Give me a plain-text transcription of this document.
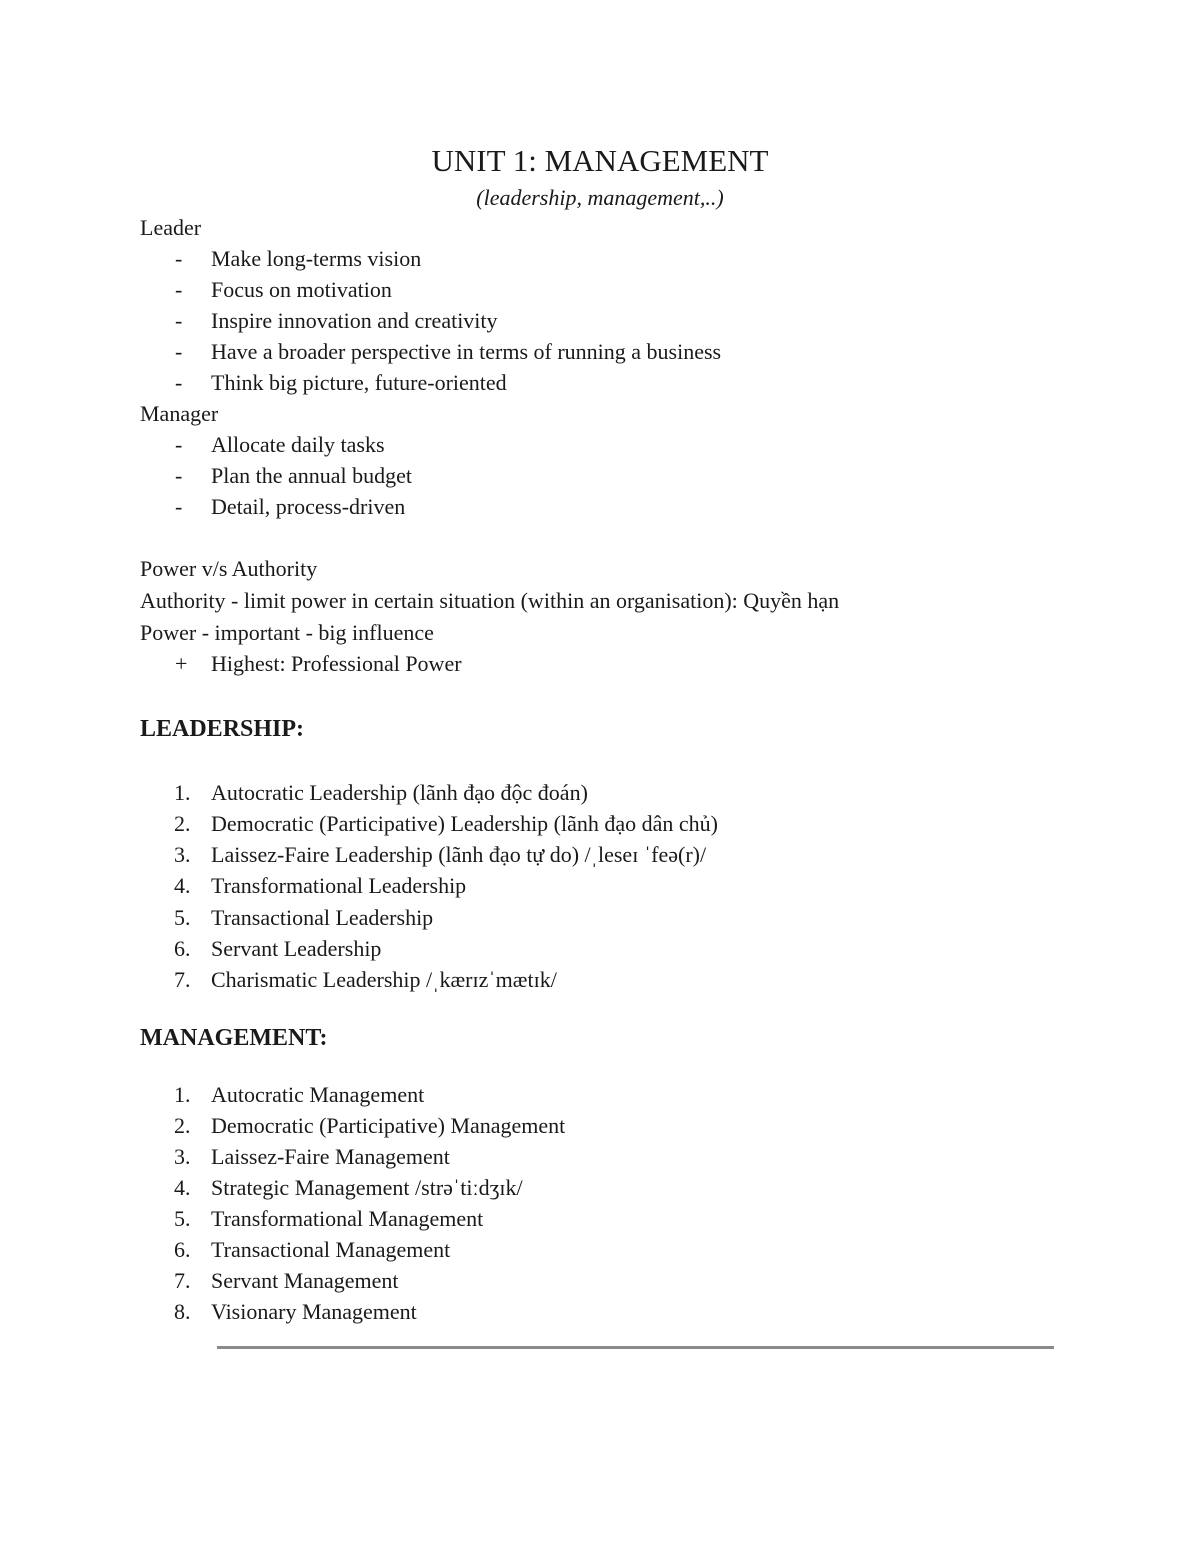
UNIT 1: MANAGEMENT
(leadership, management,..)
Leader
-	Make long-terms vision
-	Focus on motivation
-	Inspire innovation and creativity
-	Have a broader perspective in terms of running a business
-	Think big picture, future-oriented
Manager
-	Allocate daily tasks
-	Plan the annual budget
-	Detail, process-driven
Power v/s Authority
Authority - limit power in certain situation (within an organisation): Quyền hạn
Power - important - big influence
+	Highest: Professional Power
LEADERSHIP:
1. Autocratic Leadership (lãnh đạo độc đoán)
2. Democratic (Participative) Leadership (lãnh đạo dân chủ)
3. Laissez-Faire Leadership (lãnh đạo tự do) /ˌleseɪ ˈfeə(r)/
4. Transformational Leadership
5. Transactional Leadership
6. Servant Leadership
7. Charismatic Leadership /ˌkærɪzˈmætɪk/
MANAGEMENT:
1. Autocratic Management
2. Democratic (Participative) Management
3. Laissez-Faire Management
4. Strategic Management /strəˈtiːdʒɪk/
5. Transformational Management
6. Transactional Management
7. Servant Management
8. Visionary Management
